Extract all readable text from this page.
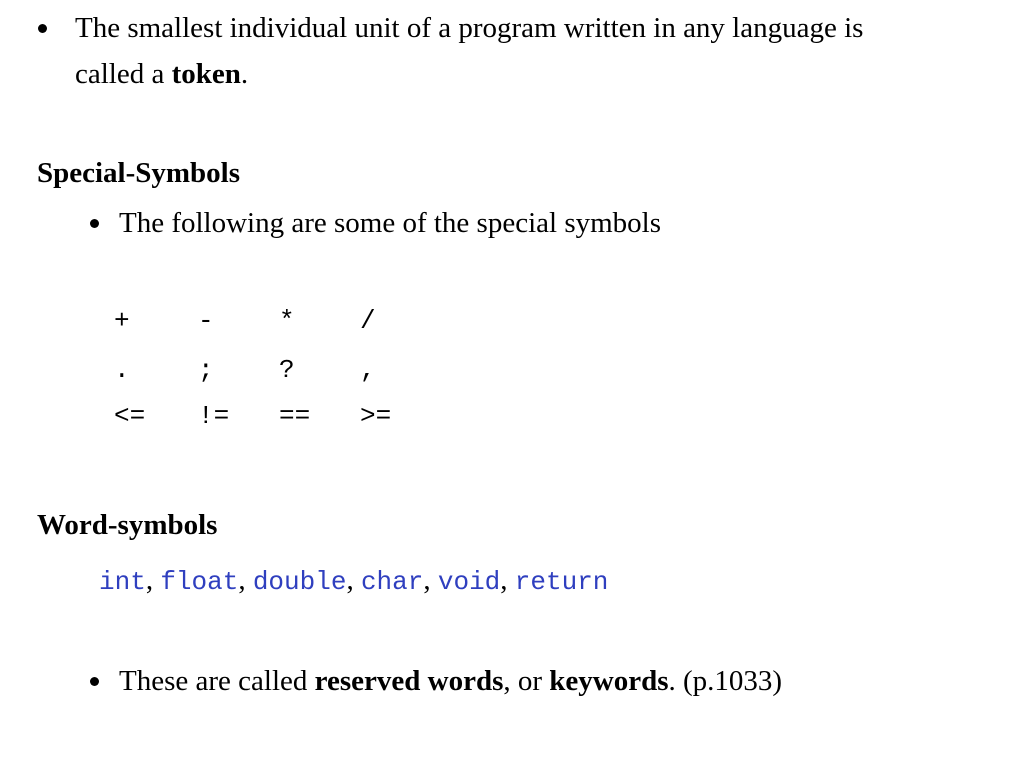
The smallest individual unit of a program written in any language is
called a token.
Special-Symbols
The following are some of the special symbols
+	-	*	/
.	;	?	,
<= != == >=
Word-symbols
int, float, double, char, void, return
These are called reserved words, or keywords. (p.1033)
